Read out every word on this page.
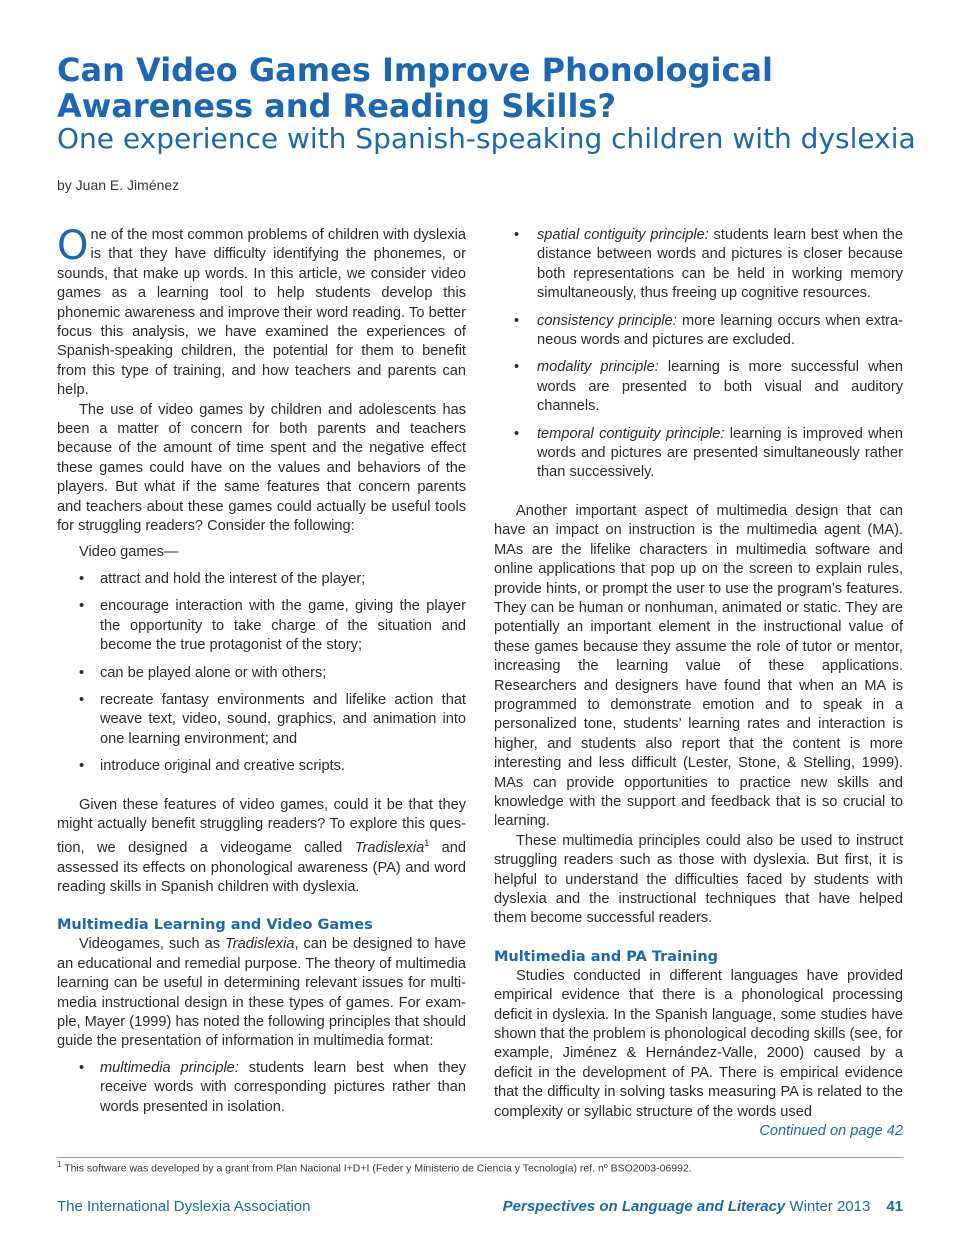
Can Video Games Improve Phonological Awareness and Reading Skills?
One experience with Spanish-speaking children with dyslexia
by Juan E. Jiménez

One of the most common problems of children with dyslexia is that they have difficulty identifying the phonemes, or sounds, that make up words. In this article, we consider video games as a learning tool to help students develop this phonemic awareness and improve their word reading. To better focus this analysis, we have examined the experiences of Spanish-speaking children, the potential for them to benefit from this type of training, and how teachers and parents can help.

The use of video games by children and adolescents has been a matter of concern for both parents and teachers because of the amount of time spent and the negative effect these games could have on the values and behaviors of the players. But what if the same features that concern parents and teachers about these games could actually be useful tools for struggling readers? Consider the following:

Video games—
• attract and hold the interest of the player;
• encourage interaction with the game, giving the player the opportunity to take charge of the situation and become the true protagonist of the story;
• can be played alone or with others;
• recreate fantasy environments and lifelike action that weave text, video, sound, graphics, and animation into one learning environment; and
• introduce original and creative scripts.

Given these features of video games, could it be that they might actually benefit struggling readers? To explore this question, we designed a videogame called Tradislexia$^1$ and assessed its effects on phonological awareness (PA) and word reading skills in Spanish children with dyslexia.

Multimedia Learning and Video Games

Videogames, such as Tradislexia, can be designed to have an educational and remedial purpose. The theory of multimedia learning can be useful in determining relevant issues for multimedia instructional design in these types of games. For example, Mayer (1999) has noted the following principles that should guide the presentation of information in multimedia format:

• multimedia principle: students learn best when they receive words with corresponding pictures rather than words presented in isolation.
• spatial contiguity principle: students learn best when the distance between words and pictures is closer because both representations can be held in working memory simultaneously, thus freeing up cognitive resources.
• consistency principle: more learning occurs when extraneous words and pictures are excluded.
• modality principle: learning is more successful when words are presented to both visual and auditory channels.
• temporal contiguity principle: learning is improved when words and pictures are presented simultaneously rather than successively.

Another important aspect of multimedia design that can have an impact on instruction is the multimedia agent (MA). MAs are the lifelike characters in multimedia software and online applications that pop up on the screen to explain rules, provide hints, or prompt the user to use the program’s features. They can be human or nonhuman, animated or static. They are potentially an important element in the instructional value of these games because they assume the role of tutor or mentor, increasing the learning value of these applications. Researchers and designers have found that when an MA is programmed to demonstrate emotion and to speak in a personalized tone, students’ learning rates and interaction is higher, and students also report that the content is more interesting and less difficult (Lester, Stone, & Stelling, 1999). MAs can provide opportunities to practice new skills and knowledge with the support and feedback that is so crucial to learning.

These multimedia principles could also be used to instruct struggling readers such as those with dyslexia. But first, it is helpful to understand the difficulties faced by students with dyslexia and the instructional techniques that have helped them become successful readers.

Multimedia and PA Training

Studies conducted in different languages have provided empirical evidence that there is a phonological processing deficit in dyslexia. In the Spanish language, some studies have shown that the problem is phonological decoding skills (see, for example, Jiménez & Hernández-Valle, 2000) caused by a deficit in the development of PA. There is empirical evidence that the difficulty in solving tasks measuring PA is related to the complexity or syllabic structure of the words used
Continued on page 42

$^1$ This software was developed by a grant from Plan Nacional I+D+I (Feder y Ministerio de Ciencia y Tecnología) ref. nº BSO2003-06992.
The International Dyslexia Association	Perspectives on Language and Literacy Winter 2013 41
